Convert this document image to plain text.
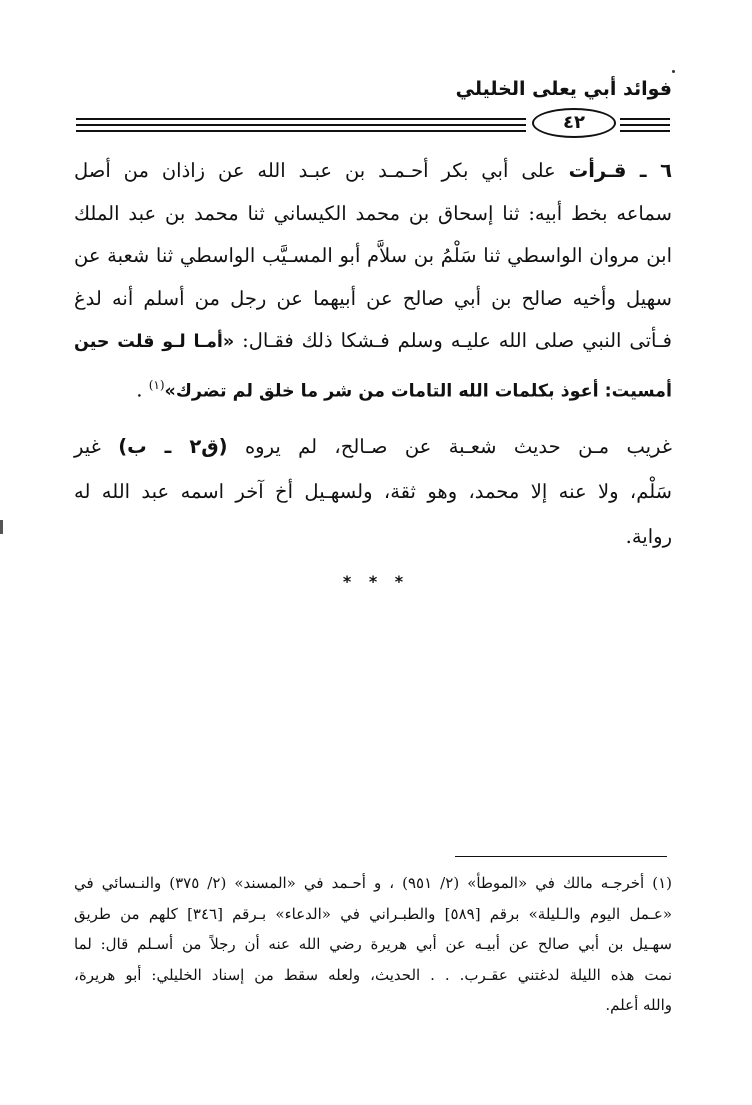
فوائد أبي يعلى الخليلي
٤٢
٦ ـ قـرأت على أبي بكر أحـمـد بن عبـد الله عن زاذان من أصل
سماعه بخط أبيه: ثنا إسحاق بن محمد الكيساني ثنا محمد بن عبد الملك
ابن مروان الواسطي ثنا سَلْمُ بن سلاَّم أبو المسـيَّب الواسطي ثنا شعبة عن
سهيل وأخيه صالح بن أبي صالح عن أبيهما عن رجل من أسلم أنه لدغ
فـأتى النبي صلى الله عليـه وسلم فـشكا ذلك فقـال: «أمـا لـو قلت حين
أمسيت: أعوذ بكلمات الله التامات من شر ما خلق لم تضرك»$^{(١)}$ .
غريب مـن حديث شعـبة عن صـالح، لم يروه (ق٢ ـ ب) غير
سَلْم، ولا عنه إلا محمد، وهو ثقة، ولسهـيل أخ آخر اسمه عبد الله له
رواية.
* * *
(١) أخرجـه مالك في «الموطأ» (٢/ ٩٥١) ، و أحـمد في «المسند» (٢/ ٣٧٥) والنـسائي في
«عـمل اليوم والـليلة» برقم [٥٨٩] والطبـراني في «الدعاء» بـرقم [٣٤٦] كلهم من طريق
سهـيل بن أبي صالح عن أبيـه عن أبي هريرة رضي الله عنه أن رجلاً من أسـلم قال: لما
نمت هذه الليلة لدغتني عقـرب. . . الحديث، ولعله سقط من إسناد الخليلي: أبو هريرة،
والله أعلم.
